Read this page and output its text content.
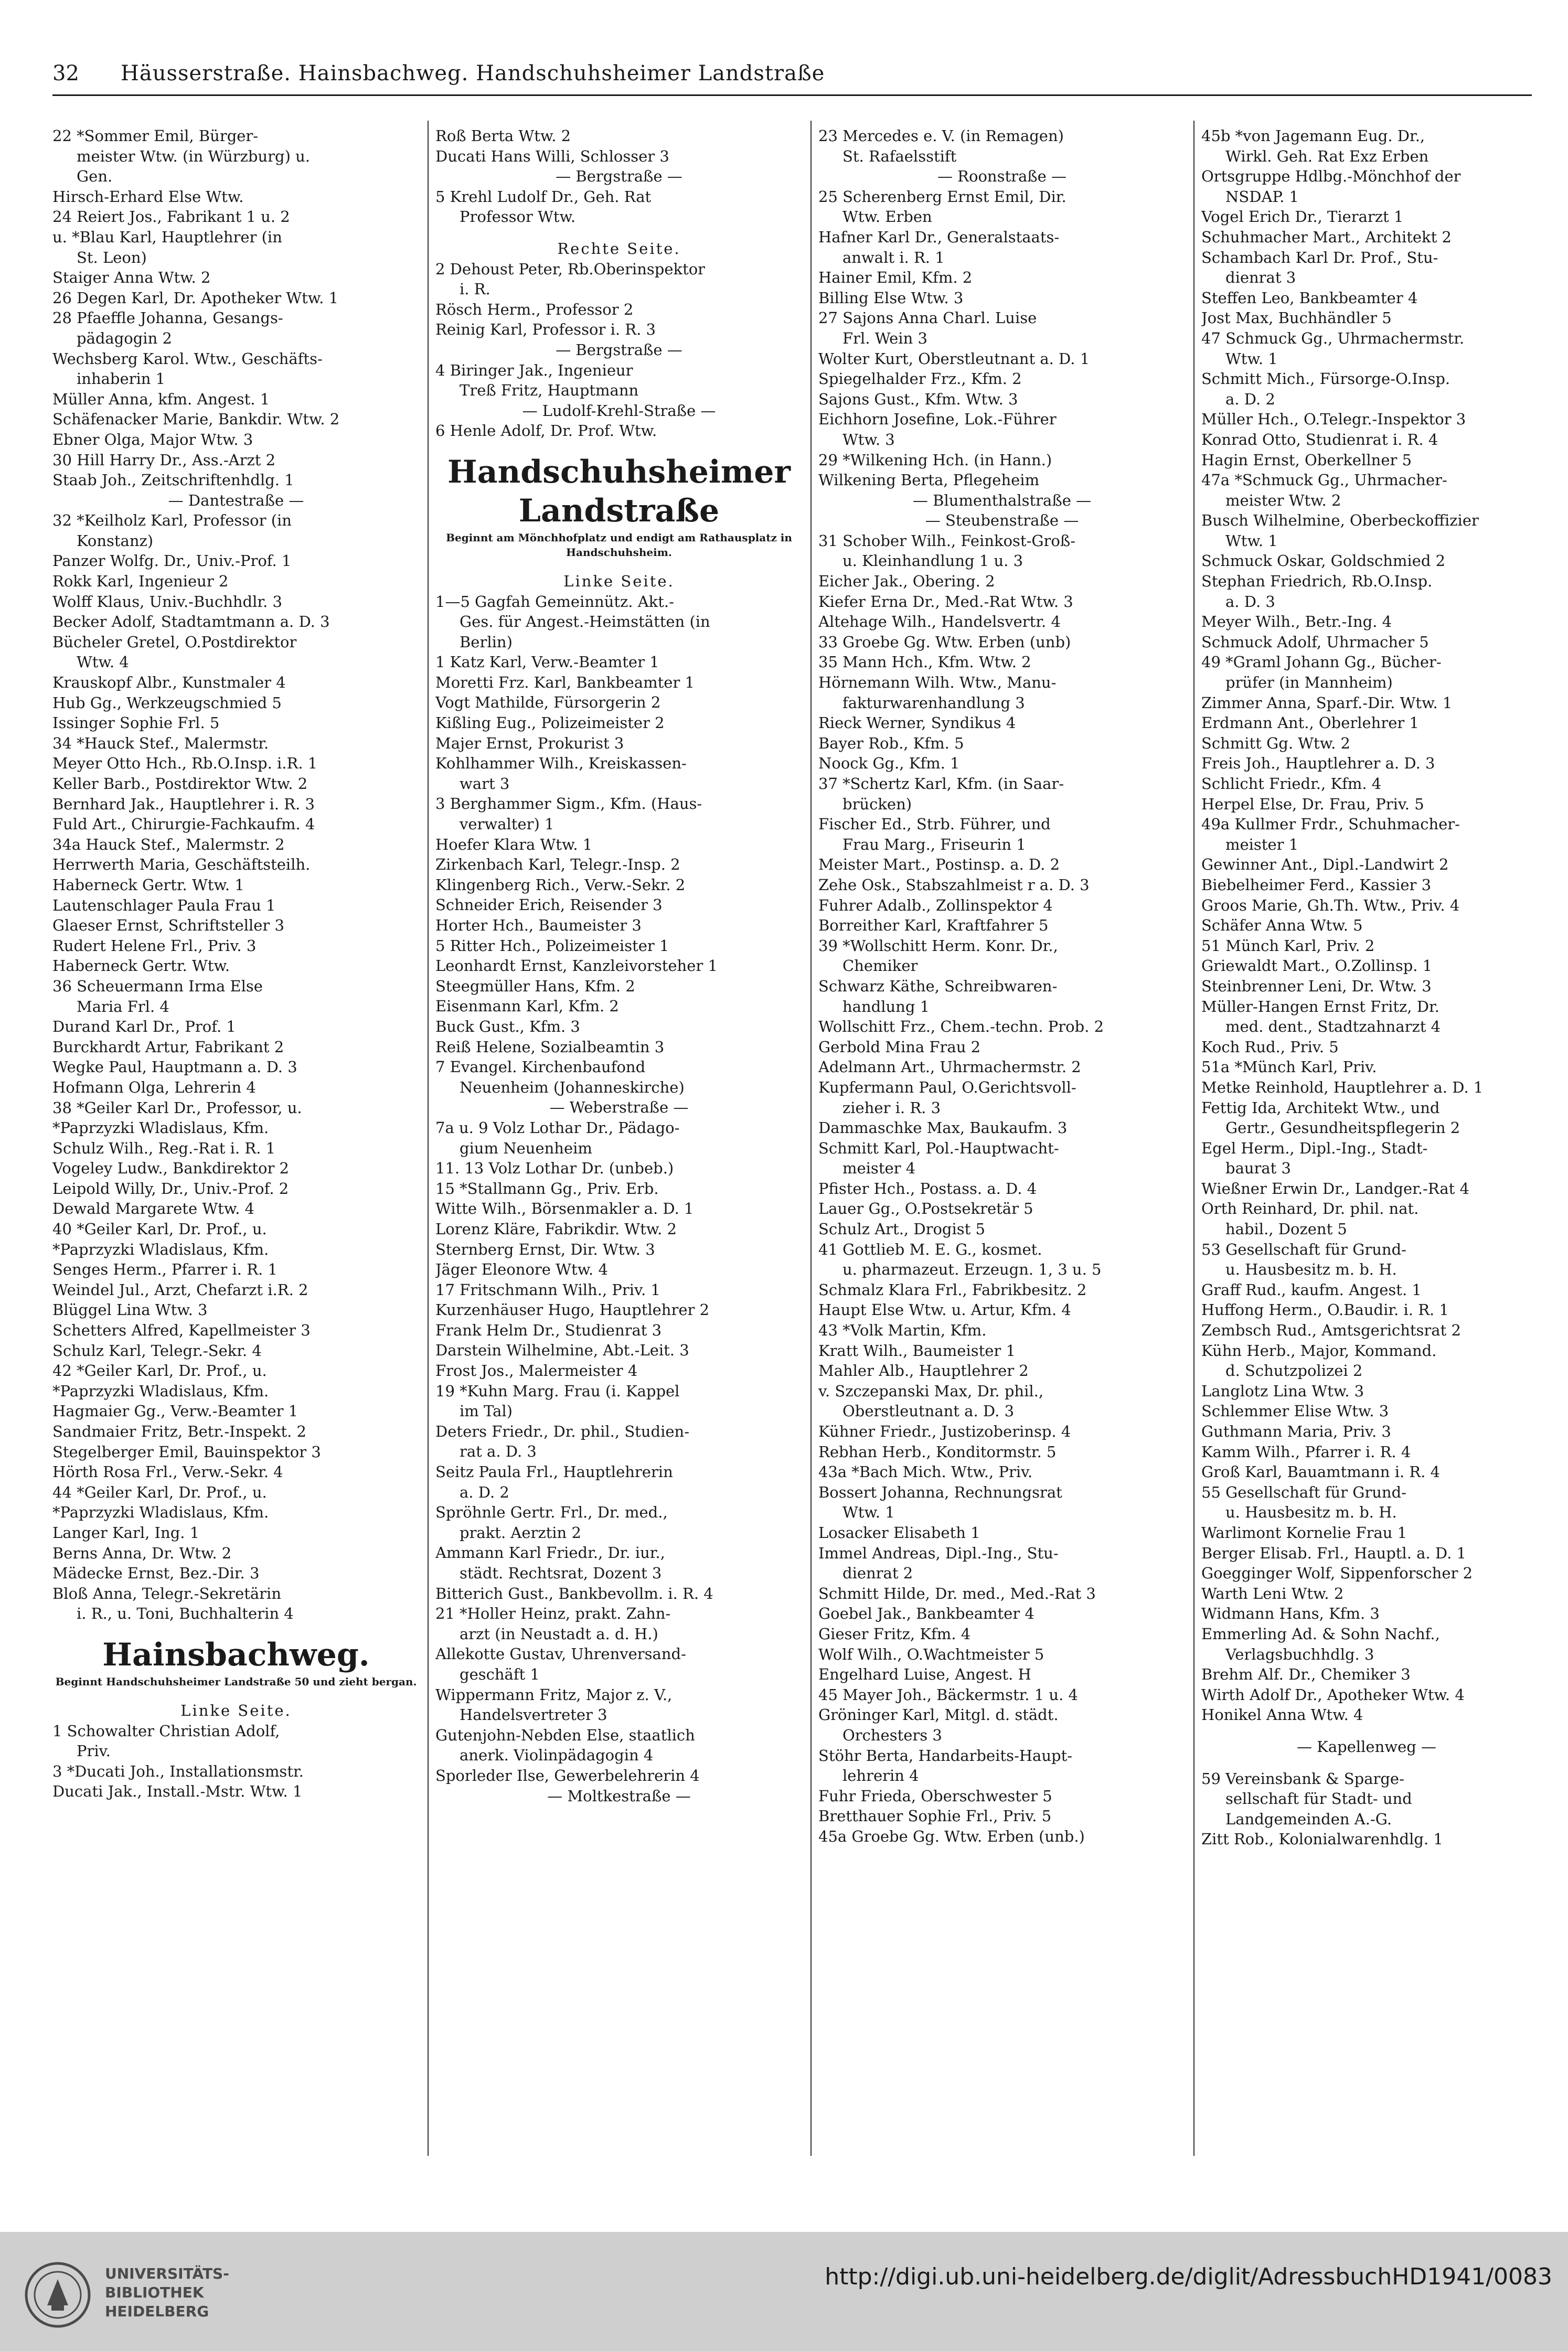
32 Häusserstraße. Hainsbachweg. Handschuhsheimer Landstraße
22 *Sommer Emil, Bürger-
meister Wtw. (in Würzburg) u.
Gen.
Hirsch-Erhard Else Wtw.
24 Reiert Jos., Fabrikant 1 u. 2
u. *Blau Karl, Hauptlehrer (in
St. Leon)
Staiger Anna Wtw. 2
26 Degen Karl, Dr. Apotheker Wtw. 1
28 Pfaeffle Johanna, Gesangs-
pädagogin 2
Wechsberg Karol. Wtw., Geschäfts-
inhaberin 1
Müller Anna, kfm. Angest. 1
Schäfenacker Marie, Bankdir. Wtw. 2
Ebner Olga, Major Wtw. 3
30 Hill Harry Dr., Ass.-Arzt 2
Staab Joh., Zeitschriftenhdlg. 1
— Dantestraße —
32 *Keilholz Karl, Professor (in
Konstanz)
Panzer Wolfg. Dr., Univ.-Prof. 1
Rokk Karl, Ingenieur 2
Wolff Klaus, Univ.-Buchhdlr. 3
Becker Adolf, Stadtamtmann a. D. 3
Bücheler Gretel, O.Postdirektor
Wtw. 4
Krauskopf Albr., Kunstmaler 4
Hub Gg., Werkzeugschmied 5
Issinger Sophie Frl. 5
34 *Hauck Stef., Malermstr.
Meyer Otto Hch., Rb.O.Insp. i.R. 1
Keller Barb., Postdirektor Wtw. 2
Bernhard Jak., Hauptlehrer i. R. 3
Fuld Art., Chirurgie-Fachkaufm. 4
34a Hauck Stef., Malermstr. 2
Herrwerth Maria, Geschäftsteilh.
Haberneck Gertr. Wtw. 1
Lautenschlager Paula Frau 1
Glaeser Ernst, Schriftsteller 3
Rudert Helene Frl., Priv. 3
Haberneck Gertr. Wtw.
36 Scheuermann Irma Else
Maria Frl. 4
Durand Karl Dr., Prof. 1
Burckhardt Artur, Fabrikant 2
Wegke Paul, Hauptmann a. D. 3
Hofmann Olga, Lehrerin 4
38 *Geiler Karl Dr., Professor, u.
*Paprzyzki Wladislaus, Kfm.
Schulz Wilh., Reg.-Rat i. R. 1
Vogeley Ludw., Bankdirektor 2
Leipold Willy, Dr., Univ.-Prof. 2
Dewald Margarete Wtw. 4
40 *Geiler Karl, Dr. Prof., u.
*Paprzyzki Wladislaus, Kfm.
Senges Herm., Pfarrer i. R. 1
Weindel Jul., Arzt, Chefarzt i.R. 2
Blüggel Lina Wtw. 3
Schetters Alfred, Kapellmeister 3
Schulz Karl, Telegr.-Sekr. 4
42 *Geiler Karl, Dr. Prof., u.
*Paprzyzki Wladislaus, Kfm.
Hagmaier Gg., Verw.-Beamter 1
Sandmaier Fritz, Betr.-Inspekt. 2
Stegelberger Emil, Bauinspektor 3
Hörth Rosa Frl., Verw.-Sekr. 4
44 *Geiler Karl, Dr. Prof., u.
*Paprzyzki Wladislaus, Kfm.
Langer Karl, Ing. 1
Berns Anna, Dr. Wtw. 2
Mädecke Ernst, Bez.-Dir. 3
Bloß Anna, Telegr.-Sekretärin
i. R., u. Toni, Buchhalterin 4
Hainsbachweg.
Beginnt Handschuhsheimer Landstraße 50 und zieht bergan.
Linke Seite.
1 Schowalter Christian Adolf,
Priv.
3 *Ducati Joh., Installationsmstr.
Ducati Jak., Install.-Mstr. Wtw. 1
Roß Berta Wtw. 2
Ducati Hans Willi, Schlosser 3
— Bergstraße —
5 Krehl Ludolf Dr., Geh. Rat
Professor Wtw.
Rechte Seite.
2 Dehoust Peter, Rb.Oberinspektor
i. R.
Rösch Herm., Professor 2
Reinig Karl, Professor i. R. 3
— Bergstraße —
4 Biringer Jak., Ingenieur
Treß Fritz, Hauptmann
— Ludolf-Krehl-Straße —
6 Henle Adolf, Dr. Prof. Wtw.
Handschuhsheimer
Landstraße
Beginnt am Mönchhofplatz und endigt am Rathausplatz in Handschuhsheim.
Linke Seite.
1—5 Gagfah Gemeinnütz. Akt.-
Ges. für Angest.-Heimstätten (in
Berlin)
1 Katz Karl, Verw.-Beamter 1
Moretti Frz. Karl, Bankbeamter 1
Vogt Mathilde, Fürsorgerin 2
Kißling Eug., Polizeimeister 2
Majer Ernst, Prokurist 3
Kohlhammer Wilh., Kreiskassen-
wart 3
3 Berghammer Sigm., Kfm. (Haus-
verwalter) 1
Hoefer Klara Wtw. 1
Zirkenbach Karl, Telegr.-Insp. 2
Klingenberg Rich., Verw.-Sekr. 2
Schneider Erich, Reisender 3
Horter Hch., Baumeister 3
5 Ritter Hch., Polizeimeister 1
Leonhardt Ernst, Kanzleivorsteher 1
Steegmüller Hans, Kfm. 2
Eisenmann Karl, Kfm. 2
Buck Gust., Kfm. 3
Reiß Helene, Sozialbeamtin 3
7 Evangel. Kirchenbaufond
Neuenheim (Johanneskirche)
— Weberstraße —
7a u. 9 Volz Lothar Dr., Pädago-
gium Neuenheim
11. 13 Volz Lothar Dr. (unbeb.)
15 *Stallmann Gg., Priv. Erb.
Witte Wilh., Börsenmakler a. D. 1
Lorenz Kläre, Fabrikdir. Wtw. 2
Sternberg Ernst, Dir. Wtw. 3
Jäger Eleonore Wtw. 4
17 Fritschmann Wilh., Priv. 1
Kurzenhäuser Hugo, Hauptlehrer 2
Frank Helm Dr., Studienrat 3
Darstein Wilhelmine, Abt.-Leit. 3
Frost Jos., Malermeister 4
19 *Kuhn Marg. Frau (i. Kappel
im Tal)
Deters Friedr., Dr. phil., Studien-
rat a. D. 3
Seitz Paula Frl., Hauptlehrerin
a. D. 2
Spröhnle Gertr. Frl., Dr. med.,
prakt. Aerztin 2
Ammann Karl Friedr., Dr. iur.,
städt. Rechtsrat, Dozent 3
Bitterich Gust., Bankbevollm. i. R. 4
21 *Holler Heinz, prakt. Zahn-
arzt (in Neustadt a. d. H.)
Allekotte Gustav, Uhrenversand-
geschäft 1
Wippermann Fritz, Major z. V.,
Handelsvertreter 3
Gutenjohn-Nebden Else, staatlich
anerk. Violinpädagogin 4
Sporleder Ilse, Gewerbelehrerin 4
— Moltkestraße —
23 Mercedes e. V. (in Remagen)
St. Rafaelsstift
— Roonstraße —
25 Scherenberg Ernst Emil, Dir.
Wtw. Erben
Hafner Karl Dr., Generalstaats-
anwalt i. R. 1
Hainer Emil, Kfm. 2
Billing Else Wtw. 3
27 Sajons Anna Charl. Luise
Frl. Wein 3
Wolter Kurt, Oberstleutnant a. D. 1
Spiegelhalder Frz., Kfm. 2
Sajons Gust., Kfm. Wtw. 3
Eichhorn Josefine, Lok.-Führer
Wtw. 3
29 *Wilkening Hch. (in Hann.)
Wilkening Berta, Pflegeheim
— Blumenthalstraße —
— Steubenstraße —
31 Schober Wilh., Feinkost-Groß-
u. Kleinhandlung 1 u. 3
Eicher Jak., Obering. 2
Kiefer Erna Dr., Med.-Rat Wtw. 3
Altehage Wilh., Handelsvertr. 4
33 Groebe Gg. Wtw. Erben (unb)
35 Mann Hch., Kfm. Wtw. 2
Hörnemann Wilh. Wtw., Manu-
fakturwarenhandlung 3
Rieck Werner, Syndikus 4
Bayer Rob., Kfm. 5
Noock Gg., Kfm. 1
37 *Schertz Karl, Kfm. (in Saar-
brücken)
Fischer Ed., Strb. Führer, und
Frau Marg., Friseurin 1
Meister Mart., Postinsp. a. D. 2
Zehe Osk., Stabszahlmeist r a. D. 3
Fuhrer Adalb., Zollinspektor 4
Borreither Karl, Kraftfahrer 5
39 *Wollschitt Herm. Konr. Dr.,
Chemiker
Schwarz Käthe, Schreibwaren-
handlung 1
Wollschitt Frz., Chem.-techn. Prob. 2
Gerbold Mina Frau 2
Adelmann Art., Uhrmachermstr. 2
Kupfermann Paul, O.Gerichtsvoll-
zieher i. R. 3
Dammaschke Max, Baukaufm. 3
Schmitt Karl, Pol.-Hauptwacht-
meister 4
Pfister Hch., Postass. a. D. 4
Lauer Gg., O.Postsekretär 5
Schulz Art., Drogist 5
41 Gottlieb M. E. G., kosmet.
u. pharmazeut. Erzeugn. 1, 3 u. 5
Schmalz Klara Frl., Fabrikbesitz. 2
Haupt Else Wtw. u. Artur, Kfm. 4
43 *Volk Martin, Kfm.
Kratt Wilh., Baumeister 1
Mahler Alb., Hauptlehrer 2
v. Szczepanski Max, Dr. phil.,
Oberstleutnant a. D. 3
Kühner Friedr., Justizoberinsp. 4
Rebhan Herb., Konditormstr. 5
43a *Bach Mich. Wtw., Priv.
Bossert Johanna, Rechnungsrat
Wtw. 1
Losacker Elisabeth 1
Immel Andreas, Dipl.-Ing., Stu-
dienrat 2
Schmitt Hilde, Dr. med., Med.-Rat 3
Goebel Jak., Bankbeamter 4
Gieser Fritz, Kfm. 4
Wolf Wilh., O.Wachtmeister 5
Engelhard Luise, Angest. H
45 Mayer Joh., Bäckermstr. 1 u. 4
Gröninger Karl, Mitgl. d. städt.
Orchesters 3
Stöhr Berta, Handarbeits-Haupt-
lehrerin 4
Fuhr Frieda, Oberschwester 5
Bretthauer Sophie Frl., Priv. 5
45a Groebe Gg. Wtw. Erben (unb.)
45b *von Jagemann Eug. Dr.,
Wirkl. Geh. Rat Exz Erben
Ortsgruppe Hdlbg.-Mönchhof der
NSDAP. 1
Vogel Erich Dr., Tierarzt 1
Schuhmacher Mart., Architekt 2
Schambach Karl Dr. Prof., Stu-
dienrat 3
Steffen Leo, Bankbeamter 4
Jost Max, Buchhändler 5
47 Schmuck Gg., Uhrmachermstr.
Wtw. 1
Schmitt Mich., Fürsorge-O.Insp.
a. D. 2
Müller Hch., O.Telegr.-Inspektor 3
Konrad Otto, Studienrat i. R. 4
Hagin Ernst, Oberkellner 5
47a *Schmuck Gg., Uhrmacher-
meister Wtw. 2
Busch Wilhelmine, Oberbeckoffizier
Wtw. 1
Schmuck Oskar, Goldschmied 2
Stephan Friedrich, Rb.O.Insp.
a. D. 3
Meyer Wilh., Betr.-Ing. 4
Schmuck Adolf, Uhrmacher 5
49 *Graml Johann Gg., Bücher-
prüfer (in Mannheim)
Zimmer Anna, Sparf.-Dir. Wtw. 1
Erdmann Ant., Oberlehrer 1
Schmitt Gg. Wtw. 2
Freis Joh., Hauptlehrer a. D. 3
Schlicht Friedr., Kfm. 4
Herpel Else, Dr. Frau, Priv. 5
49a Kullmer Frdr., Schuhmacher-
meister 1
Gewinner Ant., Dipl.-Landwirt 2
Biebelheimer Ferd., Kassier 3
Groos Marie, Gh.Th. Wtw., Priv. 4
Schäfer Anna Wtw. 5
51 Münch Karl, Priv. 2
Griewaldt Mart., O.Zollinsp. 1
Steinbrenner Leni, Dr. Wtw. 3
Müller-Hangen Ernst Fritz, Dr.
med. dent., Stadtzahnarzt 4
Koch Rud., Priv. 5
51a *Münch Karl, Priv.
Metke Reinhold, Hauptlehrer a. D. 1
Fettig Ida, Architekt Wtw., und
Gertr., Gesundheitspflegerin 2
Egel Herm., Dipl.-Ing., Stadt-
baurat 3
Wießner Erwin Dr., Landger.-Rat 4
Orth Reinhard, Dr. phil. nat.
habil., Dozent 5
53 Gesellschaft für Grund-
u. Hausbesitz m. b. H.
Graff Rud., kaufm. Angest. 1
Huffong Herm., O.Baudir. i. R. 1
Zembsch Rud., Amtsgerichtsrat 2
Kühn Herb., Major, Kommand.
d. Schutzpolizei 2
Langlotz Lina Wtw. 3
Schlemmer Elise Wtw. 3
Guthmann Maria, Priv. 3
Kamm Wilh., Pfarrer i. R. 4
Groß Karl, Bauamtmann i. R. 4
55 Gesellschaft für Grund-
u. Hausbesitz m. b. H.
Warlimont Kornelie Frau 1
Berger Elisab. Frl., Hauptl. a. D. 1
Goegginger Wolf, Sippenforscher 2
Warth Leni Wtw. 2
Widmann Hans, Kfm. 3
Emmerling Ad. & Sohn Nachf.,
Verlagsbuchhdlg. 3
Brehm Alf. Dr., Chemiker 3
Wirth Adolf Dr., Apotheker Wtw. 4
Honikel Anna Wtw. 4
— Kapellenweg —
59 Vereinsbank & Sparge-
sellschaft für Stadt- und
Landgemeinden A.-G.
Zitt Rob., Kolonialwarenhdlg. 1
UNIVERSITÄTS-
BIBLIOTHEK
HEIDELBERG
http://digi.ub.uni-heidelberg.de/diglit/AdressbuchHD1941/0083
